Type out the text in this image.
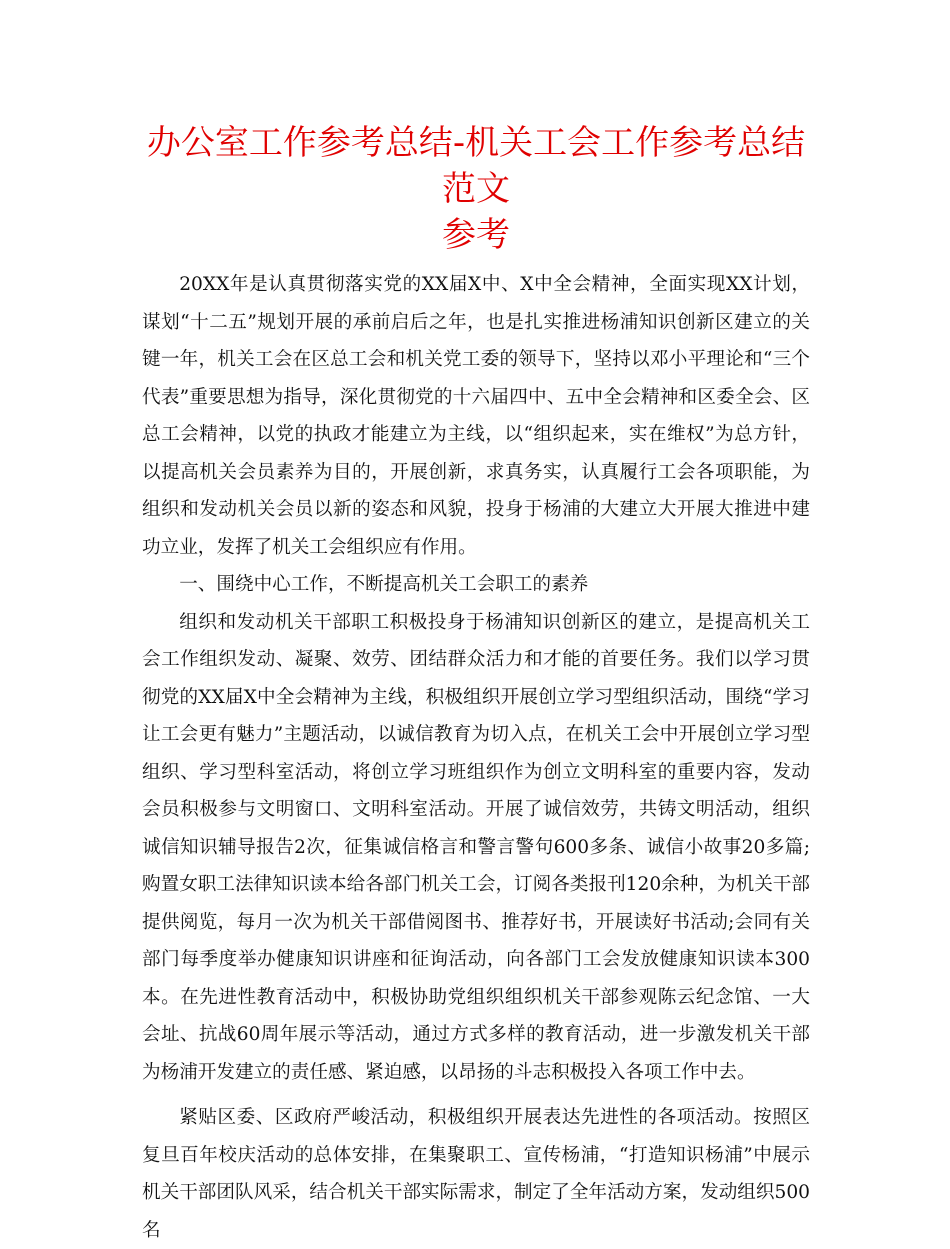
办公室工作参考总结-机关工会工作参考总结范文
参考

20XX年是认真贯彻落实党的XX届X中、X中全会精神，全面实现XX计划，谋划“十二五”规划开展的承前启后之年，也是扎实推进杨浦知识创新区建立的关键一年，机关工会在区总工会和机关党工委的领导下，坚持以邓小平理论和“三个代表”重要思想为指导，深化贯彻党的十六届四中、五中全会精神和区委全会、区总工会精神，以党的执政才能建立为主线，以“组织起来，实在维权”为总方针，以提高机关会员素养为目的，开展创新，求真务实，认真履行工会各项职能，为组织和发动机关会员以新的姿态和风貌，投身于杨浦的大建立大开展大推进中建功立业，发挥了机关工会组织应有作用。

一、围绕中心工作，不断提高机关工会职工的素养

组织和发动机关干部职工积极投身于杨浦知识创新区的建立，是提高机关工会工作组织发动、凝聚、效劳、团结群众活力和才能的首要任务。我们以学习贯彻党的XX届X中全会精神为主线，积极组织开展创立学习型组织活动，围绕“学习让工会更有魅力”主题活动，以诚信教育为切入点，在机关工会中开展创立学习型组织、学习型科室活动，将创立学习班组织作为创立文明科室的重要内容，发动会员积极参与文明窗口、文明科室活动。开展了诚信效劳，共铸文明活动，组织诚信知识辅导报告2次，征集诚信格言和警言警句600多条、诚信小故事20多篇;购置女职工法律知识读本给各部门机关工会，订阅各类报刊120余种，为机关干部提供阅览，每月一次为机关干部借阅图书、推荐好书，开展读好书活动;会同有关部门每季度举办健康知识讲座和征询活动，向各部门工会发放健康知识读本300本。在先进性教育活动中，积极协助党组织组织机关干部参观陈云纪念馆、一大会址、抗战60周年展示等活动，通过方式多样的教育活动，进一步激发机关干部为杨浦开发建立的责任感、紧迫感，以昂扬的斗志积极投入各项工作中去。

紧贴区委、区政府严峻活动，积极组织开展表达先进性的各项活动。按照区复旦百年校庆活动的总体安排，在集聚职工、宣传杨浦，“打造知识杨浦”中展示机关干部团队风采，结合机关干部实际需求，制定了全年活动方案，发动组织500名
